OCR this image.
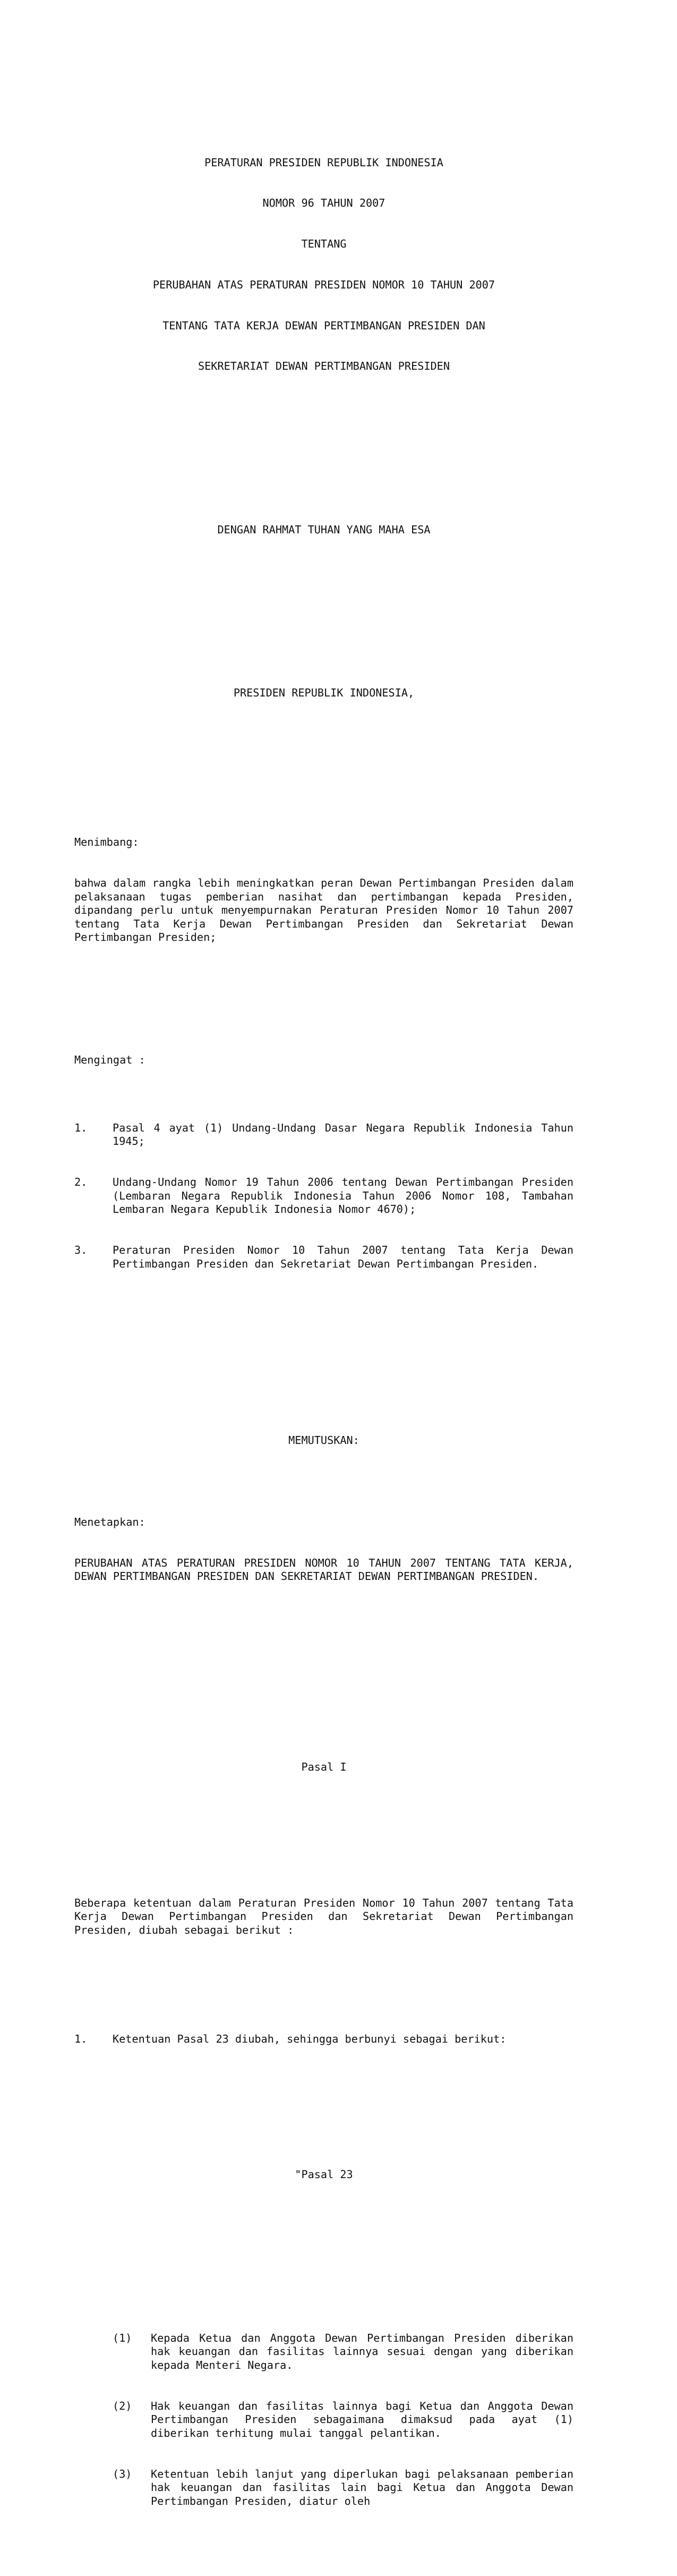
PERATURAN PRESIDEN REPUBLIK INDONESIA

NOMOR 96 TAHUN 2007

TENTANG

PERUBAHAN ATAS PERATURAN PRESIDEN NOMOR 10 TAHUN 2007

TENTANG TATA KERJA DEWAN PERTIMBANGAN PRESIDEN DAN

SEKRETARIAT DEWAN PERTIMBANGAN PRESIDEN

DENGAN RAHMAT TUHAN YANG MAHA ESA

PRESIDEN REPUBLIK INDONESIA,

Menimbang:

bahwa dalam rangka lebih meningkatkan peran Dewan Pertimbangan Presiden dalam pelaksanaan tugas pemberian nasihat dan pertimbangan kepada Presiden, dipandang perlu untuk menyempurnakan Peraturan Presiden Nomor 10 Tahun 2007 tentang Tata Kerja Dewan Pertimbangan Presiden dan Sekretariat Dewan Pertimbangan Presiden;

Mengingat :

1. Pasal 4 ayat (1) Undang-Undang Dasar Negara Republik Indonesia Tahun 1945;

2. Undang-Undang Nomor 19 Tahun 2006 tentang Dewan Pertimbangan Presiden (Lembaran Negara Republik Indonesia Tahun 2006 Nomor 108, Tambahan Lembaran Negara Kepublik Indonesia Nomor 4670);

3. Peraturan Presiden Nomor 10 Tahun 2007 tentang Tata Kerja Dewan Pertimbangan Presiden dan Sekretariat Dewan Pertimbangan Presiden.

MEMUTUSKAN:

Menetapkan:

PERUBAHAN ATAS PERATURAN PRESIDEN NOMOR 10 TAHUN 2007 TENTANG TATA KERJA, DEWAN PERTIMBANGAN PRESIDEN DAN SEKRETARIAT DEWAN PERTIMBANGAN PRESIDEN.

Pasal I

Beberapa ketentuan dalam Peraturan Presiden Nomor 10 Tahun 2007 tentang Tata Kerja Dewan Pertimbangan Presiden dan Sekretariat Dewan Pertimbangan Presiden, diubah sebagai berikut :

1. Ketentuan Pasal 23 diubah, sehingga berbunyi sebagai berikut:

"Pasal 23

(1) Kepada Ketua dan Anggota Dewan Pertimbangan Presiden diberikan hak keuangan dan fasilitas lainnya sesuai dengan yang diberikan kepada Menteri Negara.

(2) Hak keuangan dan fasilitas lainnya bagi Ketua dan Anggota Dewan Pertimbangan Presiden sebagaimana dimaksud pada ayat (1) diberikan terhitung mulai tanggal pelantikan.

(3) Ketentuan lebih lanjut yang diperlukan bagi pelaksanaan pemberian hak keuangan dan fasilitas lain bagi Ketua dan Anggota Dewan Pertimbangan Presiden, diatur oleh
